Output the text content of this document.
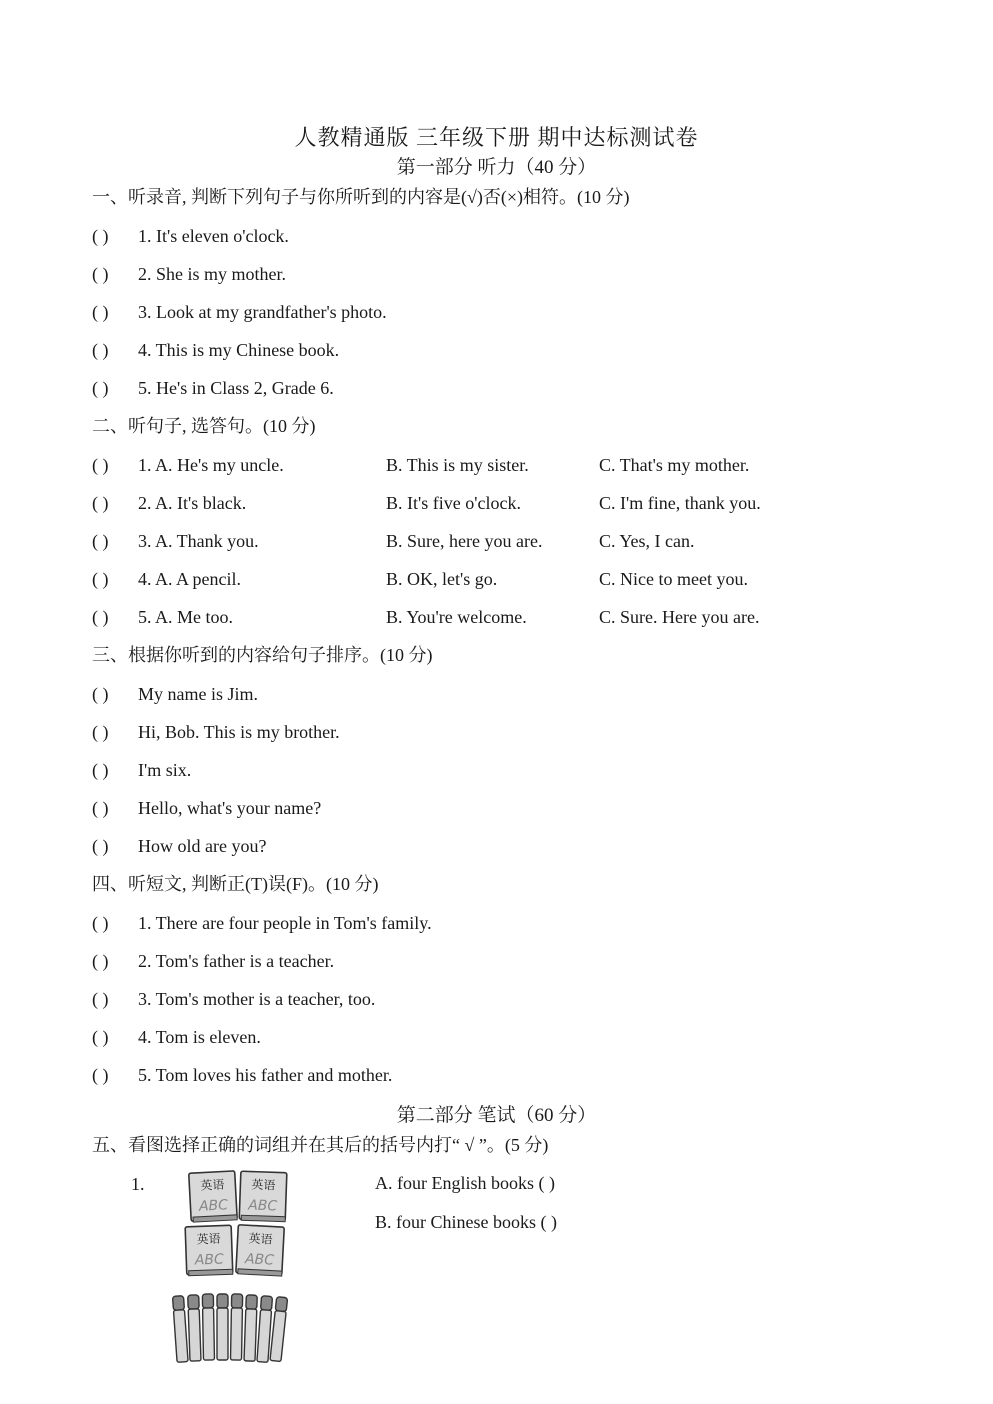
人教精通版 三年级下册 期中达标测试卷
第一部分 听力（40 分）
一、听录音, 判断下列句子与你所听到的内容是(√)否(×)相符。(10 分)
( ) 1. It's eleven o'clock.
( ) 2. She is my mother.
( ) 3. Look at my grandfather's photo.
( ) 4. This is my Chinese book.
( ) 5. He's in Class 2, Grade 6.
二、听句子, 选答句。(10 分)
( ) 1. A. He's my uncle.	B. This is my sister.	C. That's my mother.
( ) 2. A. It's black.	B. It's five o'clock.	C. I'm fine, thank you.
( ) 3. A. Thank you.	B. Sure, here you are.	C. Yes, I can.
( ) 4. A. A pencil.	B. OK, let's go.	C. Nice to meet you.
( ) 5. A. Me too.	B. You're welcome.	C. Sure. Here you are.
三、根据你听到的内容给句子排序。(10 分)
( ) My name is Jim.
( ) Hi, Bob. This is my brother.
( ) I'm six.
( ) Hello, what's your name?
( ) How old are you?
四、听短文, 判断正(T)误(F)。(10 分)
( ) 1. There are four people in Tom's family.
( ) 2. Tom's father is a teacher.
( ) 3. Tom's mother is a teacher, too.
( ) 4. Tom is eleven.
( ) 5. Tom loves his father and mother.
第二部分 笔试（60 分）
五、看图选择正确的词组并在其后的括号内打“ √ ”。(5 分)
1.	A. four English books ( )
B. four Chinese books ( )
英语
ABC
英语
ABC
英语
ABC
英语
ABC
